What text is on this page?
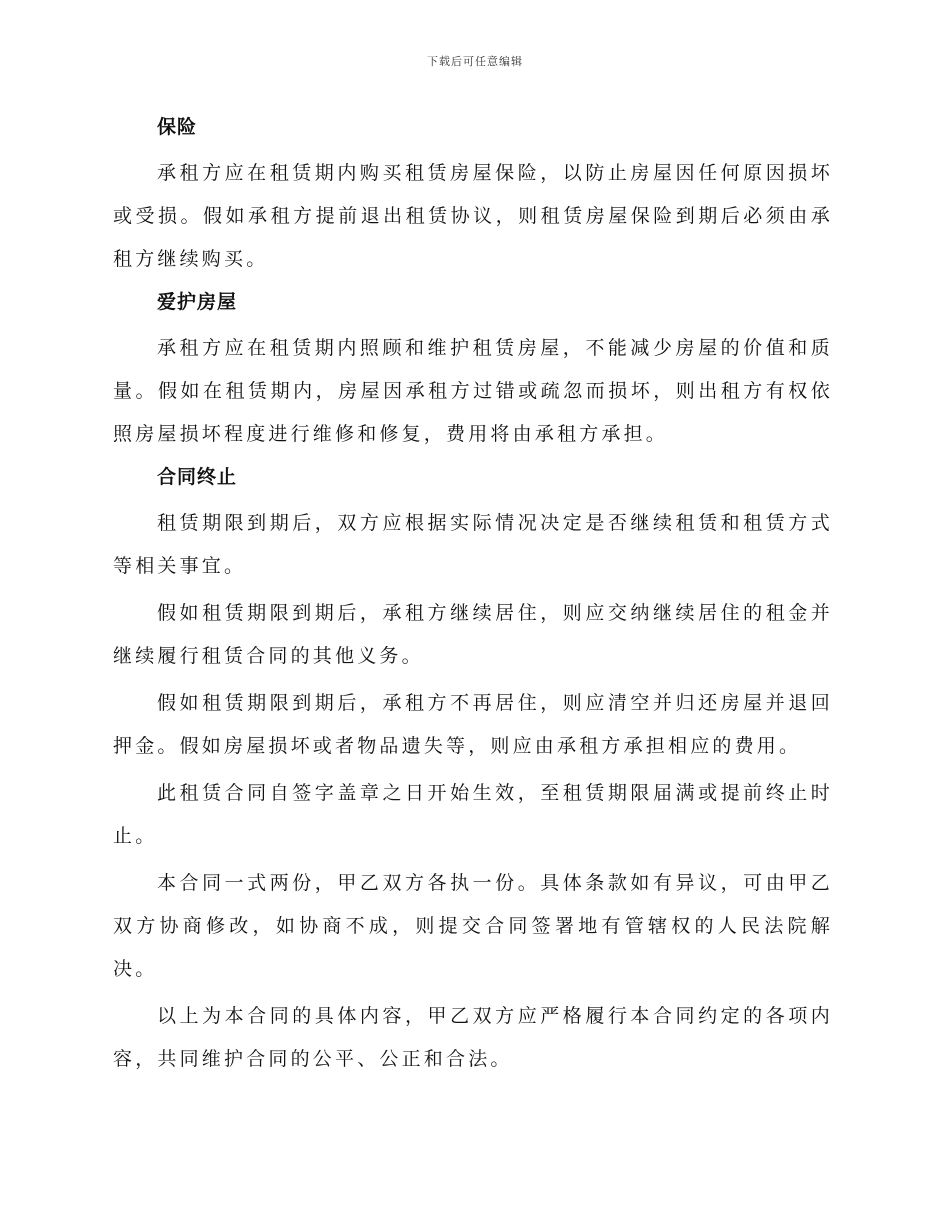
下载后可任意编辑
保险

承租方应在租赁期内购买租赁房屋保险，以防止房屋因任何原因损坏或受损。假如承租方提前退出租赁协议，则租赁房屋保险到期后必须由承租方继续购买。

爱护房屋

承租方应在租赁期内照顾和维护租赁房屋，不能减少房屋的价值和质量。假如在租赁期内，房屋因承租方过错或疏忽而损坏，则出租方有权依照房屋损坏程度进行维修和修复，费用将由承租方承担。

合同终止

租赁期限到期后，双方应根据实际情况决定是否继续租赁和租赁方式等相关事宜。

假如租赁期限到期后，承租方继续居住，则应交纳继续居住的租金并继续履行租赁合同的其他义务。

假如租赁期限到期后，承租方不再居住，则应清空并归还房屋并退回押金。假如房屋损坏或者物品遗失等，则应由承租方承担相应的费用。

此租赁合同自签字盖章之日开始生效，至租赁期限届满或提前终止时止。

本合同一式两份，甲乙双方各执一份。具体条款如有异议，可由甲乙双方协商修改，如协商不成，则提交合同签署地有管辖权的人民法院解决。

以上为本合同的具体内容，甲乙双方应严格履行本合同约定的各项内容，共同维护合同的公平、公正和合法。
